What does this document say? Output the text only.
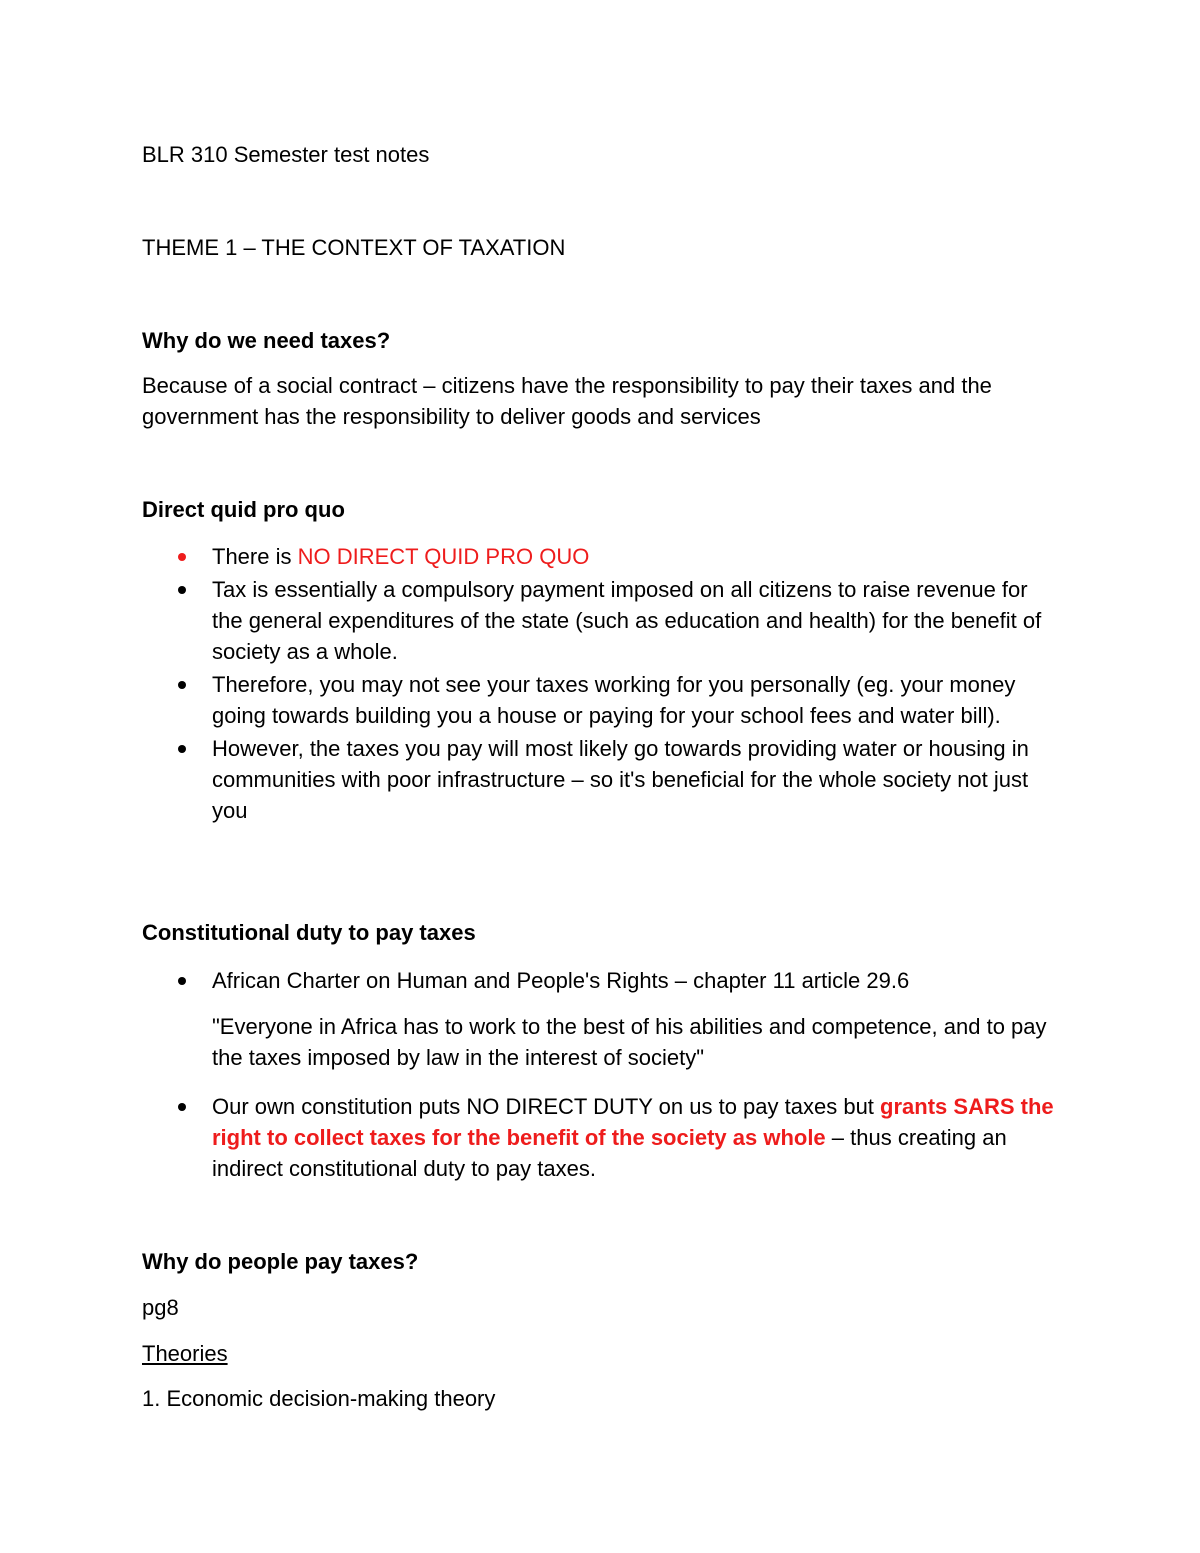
BLR 310 Semester test notes

THEME 1 – THE CONTEXT OF TAXATION

Why do we need taxes?

Because of a social contract – citizens have the responsibility to pay their taxes and the government has the responsibility to deliver goods and services

Direct quid pro quo

There is NO DIRECT QUID PRO QUO
Tax is essentially a compulsory payment imposed on all citizens to raise revenue for the general expenditures of the state (such as education and health) for the benefit of society as a whole.
Therefore, you may not see your taxes working for you personally (eg. your money going towards building you a house or paying for your school fees and water bill).
However, the taxes you pay will most likely go towards providing water or housing in communities with poor infrastructure – so it's beneficial for the whole society not just you

Constitutional duty to pay taxes

African Charter on Human and People's Rights – chapter 11 article 29.6

"Everyone in Africa has to work to the best of his abilities and competence, and to pay the taxes imposed by law in the interest of society"

Our own constitution puts NO DIRECT DUTY on us to pay taxes but grants SARS the right to collect taxes for the benefit of the society as whole – thus creating an indirect constitutional duty to pay taxes.

Why do people pay taxes?

pg8

Theories

1. Economic decision-making theory
